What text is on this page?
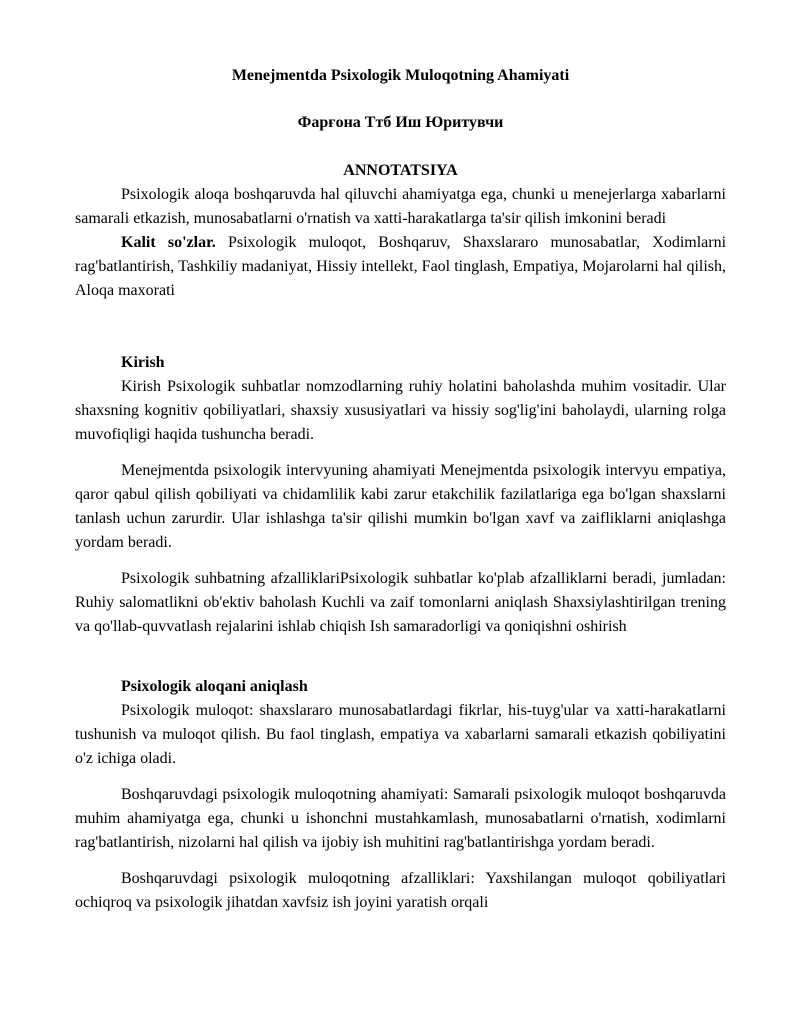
Menejmentda Psixologik Muloqotning Ahamiyati
Фарғона Ттб Иш Юритувчи
ANNOTATSIYA

Psixologik aloqa boshqaruvda hal qiluvchi ahamiyatga ega, chunki u menejerlarga xabarlarni samarali etkazish, munosabatlarni o'rnatish va xatti-harakatlarga ta'sir qilish imkonini beradi

Kalit so'zlar. Psixologik muloqot, Boshqaruv, Shaxslararo munosabatlar, Xodimlarni rag'batlantirish, Tashkiliy madaniyat, Hissiy intellekt, Faol tinglash, Empatiya, Mojarolarni hal qilish, Aloqa maxorati

Kirish

Kirish Psixologik suhbatlar nomzodlarning ruhiy holatini baholashda muhim vositadir. Ular shaxsning kognitiv qobiliyatlari, shaxsiy xususiyatlari va hissiy sog'lig'ini baholaydi, ularning rolga muvofiqligi haqida tushuncha beradi.

Menejmentda psixologik intervyuning ahamiyati Menejmentda psixologik intervyu empatiya, qaror qabul qilish qobiliyati va chidamlilik kabi zarur etakchilik fazilatlariga ega bo'lgan shaxslarni tanlash uchun zarurdir. Ular ishlashga ta'sir qilishi mumkin bo'lgan xavf va zaifliklarni aniqlashga yordam beradi.

Psixologik suhbatning afzalliklariPsixologik suhbatlar ko'plab afzalliklarni beradi, jumladan: Ruhiy salomatlikni ob'ektiv baholash Kuchli va zaif tomonlarni aniqlash Shaxsiylashtirilgan trening va qo'llab-quvvatlash rejalarini ishlab chiqish Ish samaradorligi va qoniqishni oshirish

Psixologik aloqani aniqlash

Psixologik muloqot: shaxslararo munosabatlardagi fikrlar, his-tuyg'ular va xatti-harakatlarni tushunish va muloqot qilish. Bu faol tinglash, empatiya va xabarlarni samarali etkazish qobiliyatini o'z ichiga oladi.

Boshqaruvdagi psixologik muloqotning ahamiyati: Samarali psixologik muloqot boshqaruvda muhim ahamiyatga ega, chunki u ishonchni mustahkamlash, munosabatlarni o'rnatish, xodimlarni rag'batlantirish, nizolarni hal qilish va ijobiy ish muhitini rag'batlantirishga yordam beradi.

Boshqaruvdagi psixologik muloqotning afzalliklari: Yaxshilangan muloqot qobiliyatlari ochiqroq va psixologik jihatdan xavfsiz ish joyini yaratish orqali
